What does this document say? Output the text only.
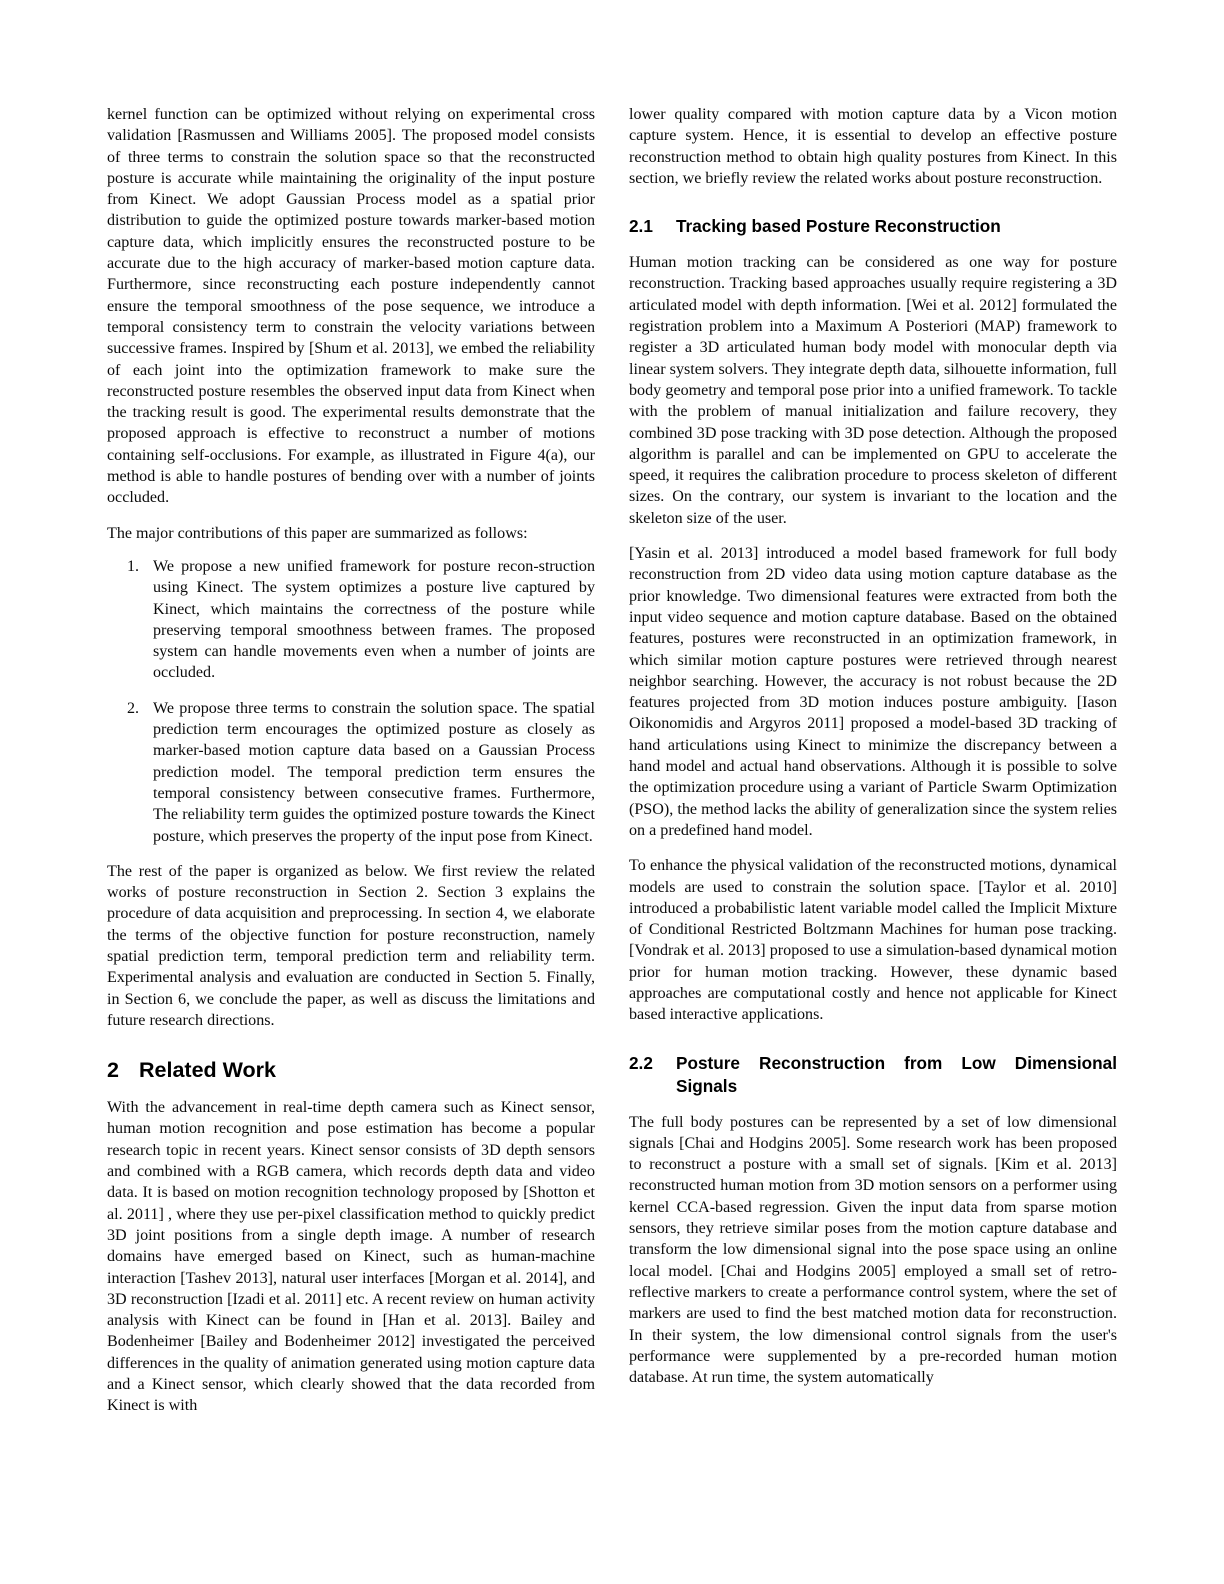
kernel function can be optimized without relying on experimental cross validation [Rasmussen and Williams 2005]. The proposed model consists of three terms to constrain the solution space so that the reconstructed posture is accurate while maintaining the originality of the input posture from Kinect. We adopt Gaussian Process model as a spatial prior distribution to guide the optimized posture towards marker-based motion capture data, which implicitly ensures the reconstructed posture to be accurate due to the high accuracy of marker-based motion capture data. Furthermore, since reconstructing each posture independently cannot ensure the temporal smoothness of the pose sequence, we introduce a temporal consistency term to constrain the velocity variations between successive frames. Inspired by [Shum et al. 2013], we embed the reliability of each joint into the optimization framework to make sure the reconstructed posture resembles the observed input data from Kinect when the tracking result is good. The experimental results demonstrate that the proposed approach is effective to reconstruct a number of motions containing self-occlusions. For example, as illustrated in Figure 4(a), our method is able to handle postures of bending over with a number of joints occluded.

The major contributions of this paper are summarized as follows:

We propose a new unified framework for posture recon-struction using Kinect. The system optimizes a posture live captured by Kinect, which maintains the correctness of the posture while preserving temporal smoothness between frames. The proposed system can handle movements even when a number of joints are occluded.
We propose three terms to constrain the solution space. The spatial prediction term encourages the optimized posture as closely as marker-based motion capture data based on a Gaussian Process prediction model. The temporal prediction term ensures the temporal consistency between consecutive frames. Furthermore, The reliability term guides the optimized posture towards the Kinect posture, which preserves the property of the input pose from Kinect.

The rest of the paper is organized as below. We first review the related works of posture reconstruction in Section 2. Section 3 explains the procedure of data acquisition and preprocessing. In section 4, we elaborate the terms of the objective function for posture reconstruction, namely spatial prediction term, temporal prediction term and reliability term. Experimental analysis and evaluation are conducted in Section 5. Finally, in Section 6, we conclude the paper, as well as discuss the limitations and future research directions.

2 Related Work

With the advancement in real-time depth camera such as Kinect sensor, human motion recognition and pose estimation has become a popular research topic in recent years. Kinect sensor consists of 3D depth sensors and combined with a RGB camera, which records depth data and video data. It is based on motion recognition technology proposed by [Shotton et al. 2011] , where they use per-pixel classification method to quickly predict 3D joint positions from a single depth image. A number of research domains have emerged based on Kinect, such as human-machine interaction [Tashev 2013], natural user interfaces [Morgan et al. 2014], and 3D reconstruction [Izadi et al. 2011] etc. A recent review on human activity analysis with Kinect can be found in [Han et al. 2013]. Bailey and Bodenheimer [Bailey and Bodenheimer 2012] investigated the perceived differences in the quality of animation generated using motion capture data and a Kinect sensor, which clearly showed that the data recorded from Kinect is with

lower quality compared with motion capture data by a Vicon motion capture system. Hence, it is essential to develop an effective posture reconstruction method to obtain high quality postures from Kinect. In this section, we briefly review the related works about posture reconstruction.

2.1	Tracking based Posture Reconstruction

Human motion tracking can be considered as one way for posture reconstruction. Tracking based approaches usually require registering a 3D articulated model with depth information. [Wei et al. 2012] formulated the registration problem into a Maximum A Posteriori (MAP) framework to register a 3D articulated human body model with monocular depth via linear system solvers. They integrate depth data, silhouette information, full body geometry and temporal pose prior into a unified framework. To tackle with the problem of manual initialization and failure recovery, they combined 3D pose tracking with 3D pose detection. Although the proposed algorithm is parallel and can be implemented on GPU to accelerate the speed, it requires the calibration procedure to process skeleton of different sizes. On the contrary, our system is invariant to the location and the skeleton size of the user.

[Yasin et al. 2013] introduced a model based framework for full body reconstruction from 2D video data using motion capture database as the prior knowledge. Two dimensional features were extracted from both the input video sequence and motion capture database. Based on the obtained features, postures were reconstructed in an optimization framework, in which similar motion capture postures were retrieved through nearest neighbor searching. However, the accuracy is not robust because the 2D features projected from 3D motion induces posture ambiguity. [Iason Oikonomidis and Argyros 2011] proposed a model-based 3D tracking of hand articulations using Kinect to minimize the discrepancy between a hand model and actual hand observations. Although it is possible to solve the optimization procedure using a variant of Particle Swarm Optimization (PSO), the method lacks the ability of generalization since the system relies on a predefined hand model.

To enhance the physical validation of the reconstructed motions, dynamical models are used to constrain the solution space. [Taylor et al. 2010] introduced a probabilistic latent variable model called the Implicit Mixture of Conditional Restricted Boltzmann Machines for human pose tracking. [Vondrak et al. 2013] proposed to use a simulation-based dynamical motion prior for human motion tracking. However, these dynamic based approaches are computational costly and hence not applicable for Kinect based interactive applications.

2.2	Posture Reconstruction from Low Dimensional Signals

The full body postures can be represented by a set of low dimensional signals [Chai and Hodgins 2005]. Some research work has been proposed to reconstruct a posture with a small set of signals. [Kim et al. 2013] reconstructed human motion from 3D motion sensors on a performer using kernel CCA-based regression. Given the input data from sparse motion sensors, they retrieve similar poses from the motion capture database and transform the low dimensional signal into the pose space using an online local model. [Chai and Hodgins 2005] employed a small set of retro-reflective markers to create a performance control system, where the set of markers are used to find the best matched motion data for reconstruction. In their system, the low dimensional control signals from the user's performance were supplemented by a pre-recorded human motion database. At run time, the system automatically
